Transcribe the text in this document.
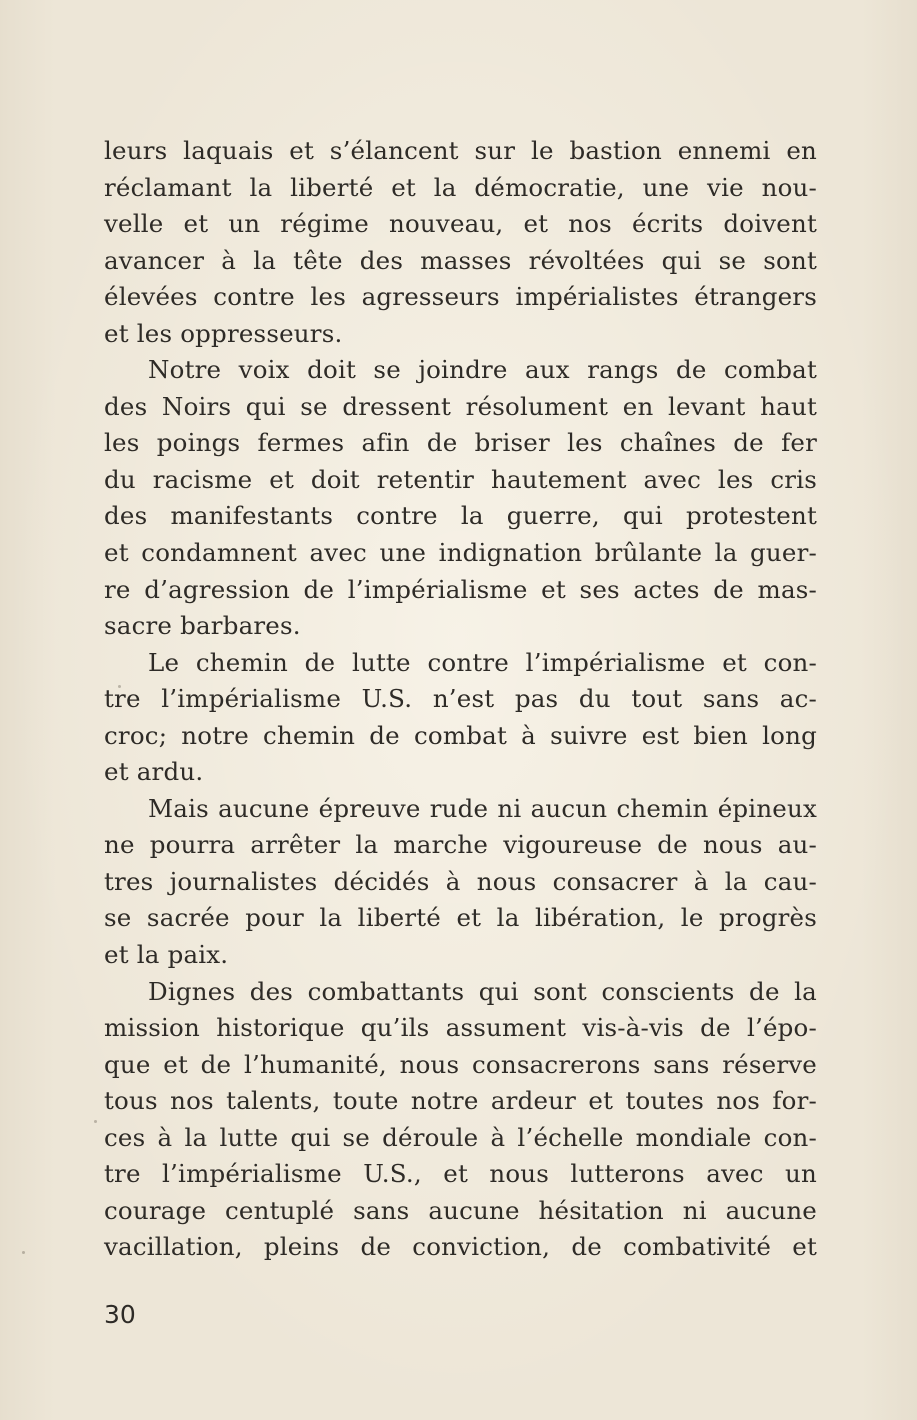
leurs laquais et s’élancent sur le bastion ennemi en
réclamant la liberté et la démocratie, une vie nou-
velle et un régime nouveau, et nos écrits doivent
avancer à la tête des masses révoltées qui se sont
élevées contre les agresseurs impérialistes étrangers
et les oppresseurs.
Notre voix doit se joindre aux rangs de combat
des Noirs qui se dressent résolument en levant haut
les poings fermes afin de briser les chaînes de fer
du racisme et doit retentir hautement avec les cris
des manifestants contre la guerre, qui protestent
et condamnent avec une indignation brûlante la guer-
re d’agression de l’impérialisme et ses actes de mas-
sacre barbares.
Le chemin de lutte contre l’impérialisme et con-
tre l’impérialisme U.S. n’est pas du tout sans ac-
croc; notre chemin de combat à suivre est bien long
et ardu.
Mais aucune épreuve rude ni aucun chemin épineux
ne pourra arrêter la marche vigoureuse de nous au-
tres journalistes décidés à nous consacrer à la cau-
se sacrée pour la liberté et la libération, le progrès
et la paix.
Dignes des combattants qui sont conscients de la
mission historique qu’ils assument vis-à-vis de l’épo-
que et de l’humanité, nous consacrerons sans réserve
tous nos talents, toute notre ardeur et toutes nos for-
ces à la lutte qui se déroule à l’échelle mondiale con-
tre l’impérialisme U.S., et nous lutterons avec un
courage centuplé sans aucune hésitation ni aucune
vacillation, pleins de conviction, de combativité et
30
